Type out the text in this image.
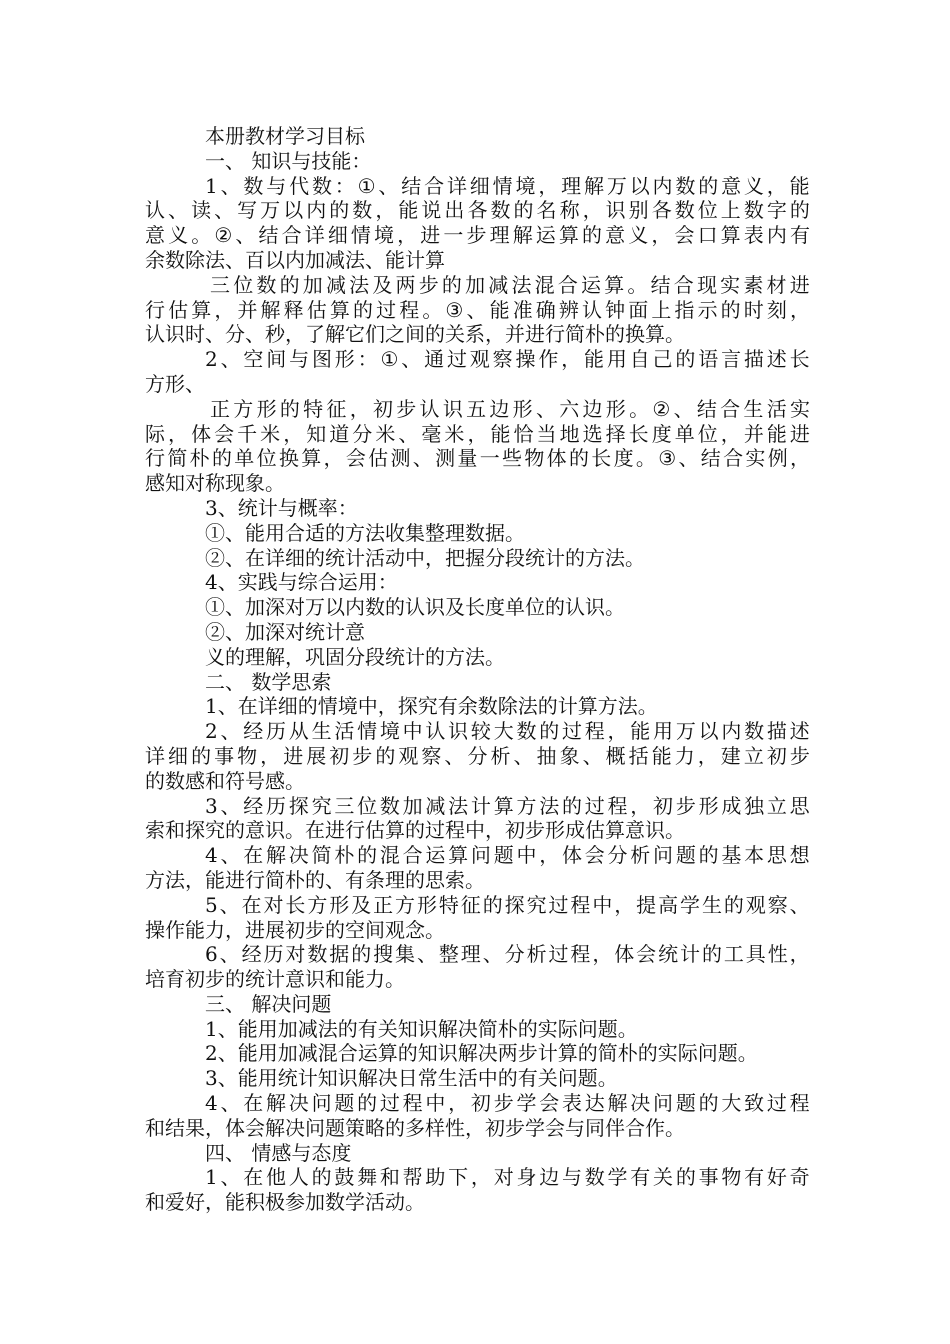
本册教材学习目标
一、 知识与技能：
1 、 数 与 代 数 ： ① 、 结 合 详 细 情 境 ， 理 解 万 以 内 数 的 意 义 ， 能
认 、 读 、 写 万 以 内 的 数 ， 能 说 出 各 数 的 名 称 ， 识 别 各 数 位 上 数 字 的
意 义 。 ② 、 结 合 详 细 情 境 ， 进 一 步 理 解 运 算 的 意 义 ， 会 口 算 表 内 有
余数除法、百以内加减法、能计算
三 位 数 的 加 减 法 及 两 步 的 加 减 法 混 合 运 算 。 结 合 现 实 素 材 进
行 估 算 ， 并 解 释 估 算 的 过 程 。 ③ 、 能 准 确 辨 认 钟 面 上 指 示 的 时 刻 ，
认识时、分、秒，了解它们之间的关系，并进行简朴的换算。
2 、 空 间 与 图 形 ： ① 、 通 过 观 察 操 作 ， 能 用 自 己 的 语 言 描 述 长
方形、
正 方 形 的 特 征 ， 初 步 认 识 五 边 形 、 六 边 形 。 ② 、 结 合 生 活 实
际 ， 体 会 千 米 ， 知 道 分 米 、 毫 米 ， 能 恰 当 地 选 择 长 度 单 位 ， 并 能 进
行 简 朴 的 单 位 换 算 ， 会 估 测 、 测 量 一 些 物 体 的 长 度 。 ③ 、 结 合 实 例 ，
感知对称现象。
3、统计与概率：
①、能用合适的方法收集整理数据。
②、在详细的统计活动中，把握分段统计的方法。
4、实践与综合运用：
①、加深对万以内数的认识及长度单位的认识。
②、加深对统计意
义的理解，巩固分段统计的方法。
二、 数学思索
1、在详细的情境中，探究有余数除法的计算方法。
2 、 经 历 从 生 活 情 境 中 认 识 较 大 数 的 过 程 ， 能 用 万 以 内 数 描 述
详 细 的 事 物 ， 进 展 初 步 的 观 察 、 分 析 、 抽 象 、 概 括 能 力 ， 建 立 初 步
的数感和符号感。
3 、 经 历 探 究 三 位 数 加 减 法 计 算 方 法 的 过 程 ， 初 步 形 成 独 立 思
索和探究的意识。在进行估算的过程中，初步形成估算意识。
4 、 在 解 决 简 朴 的 混 合 运 算 问 题 中 ， 体 会 分 析 问 题 的 基 本 思 想
方法，能进行简朴的、有条理的思索。
5 、 在 对 长 方 形 及 正 方 形 特 征 的 探 究 过 程 中 ， 提 高 学 生 的 观 察 、
操作能力，进展初步的空间观念。
6 、 经 历 对 数 据 的 搜 集 、 整 理 、 分 析 过 程 ， 体 会 统 计 的 工 具 性 ，
培育初步的统计意识和能力。
三、 解决问题
1、能用加减法的有关知识解决简朴的实际问题。
2、能用加减混合运算的知识解决两步计算的简朴的实际问题。
3、能用统计知识解决日常生活中的有关问题。
4 、 在 解 决 问 题 的 过 程 中 ， 初 步 学 会 表 达 解 决 问 题 的 大 致 过 程
和结果，体会解决问题策略的多样性，初步学会与同伴合作。
四、 情感与态度
1 、 在 他 人 的 鼓 舞 和 帮 助 下 ， 对 身 边 与 数 学 有 关 的 事 物 有 好 奇
和爱好，能积极参加数学活动。
